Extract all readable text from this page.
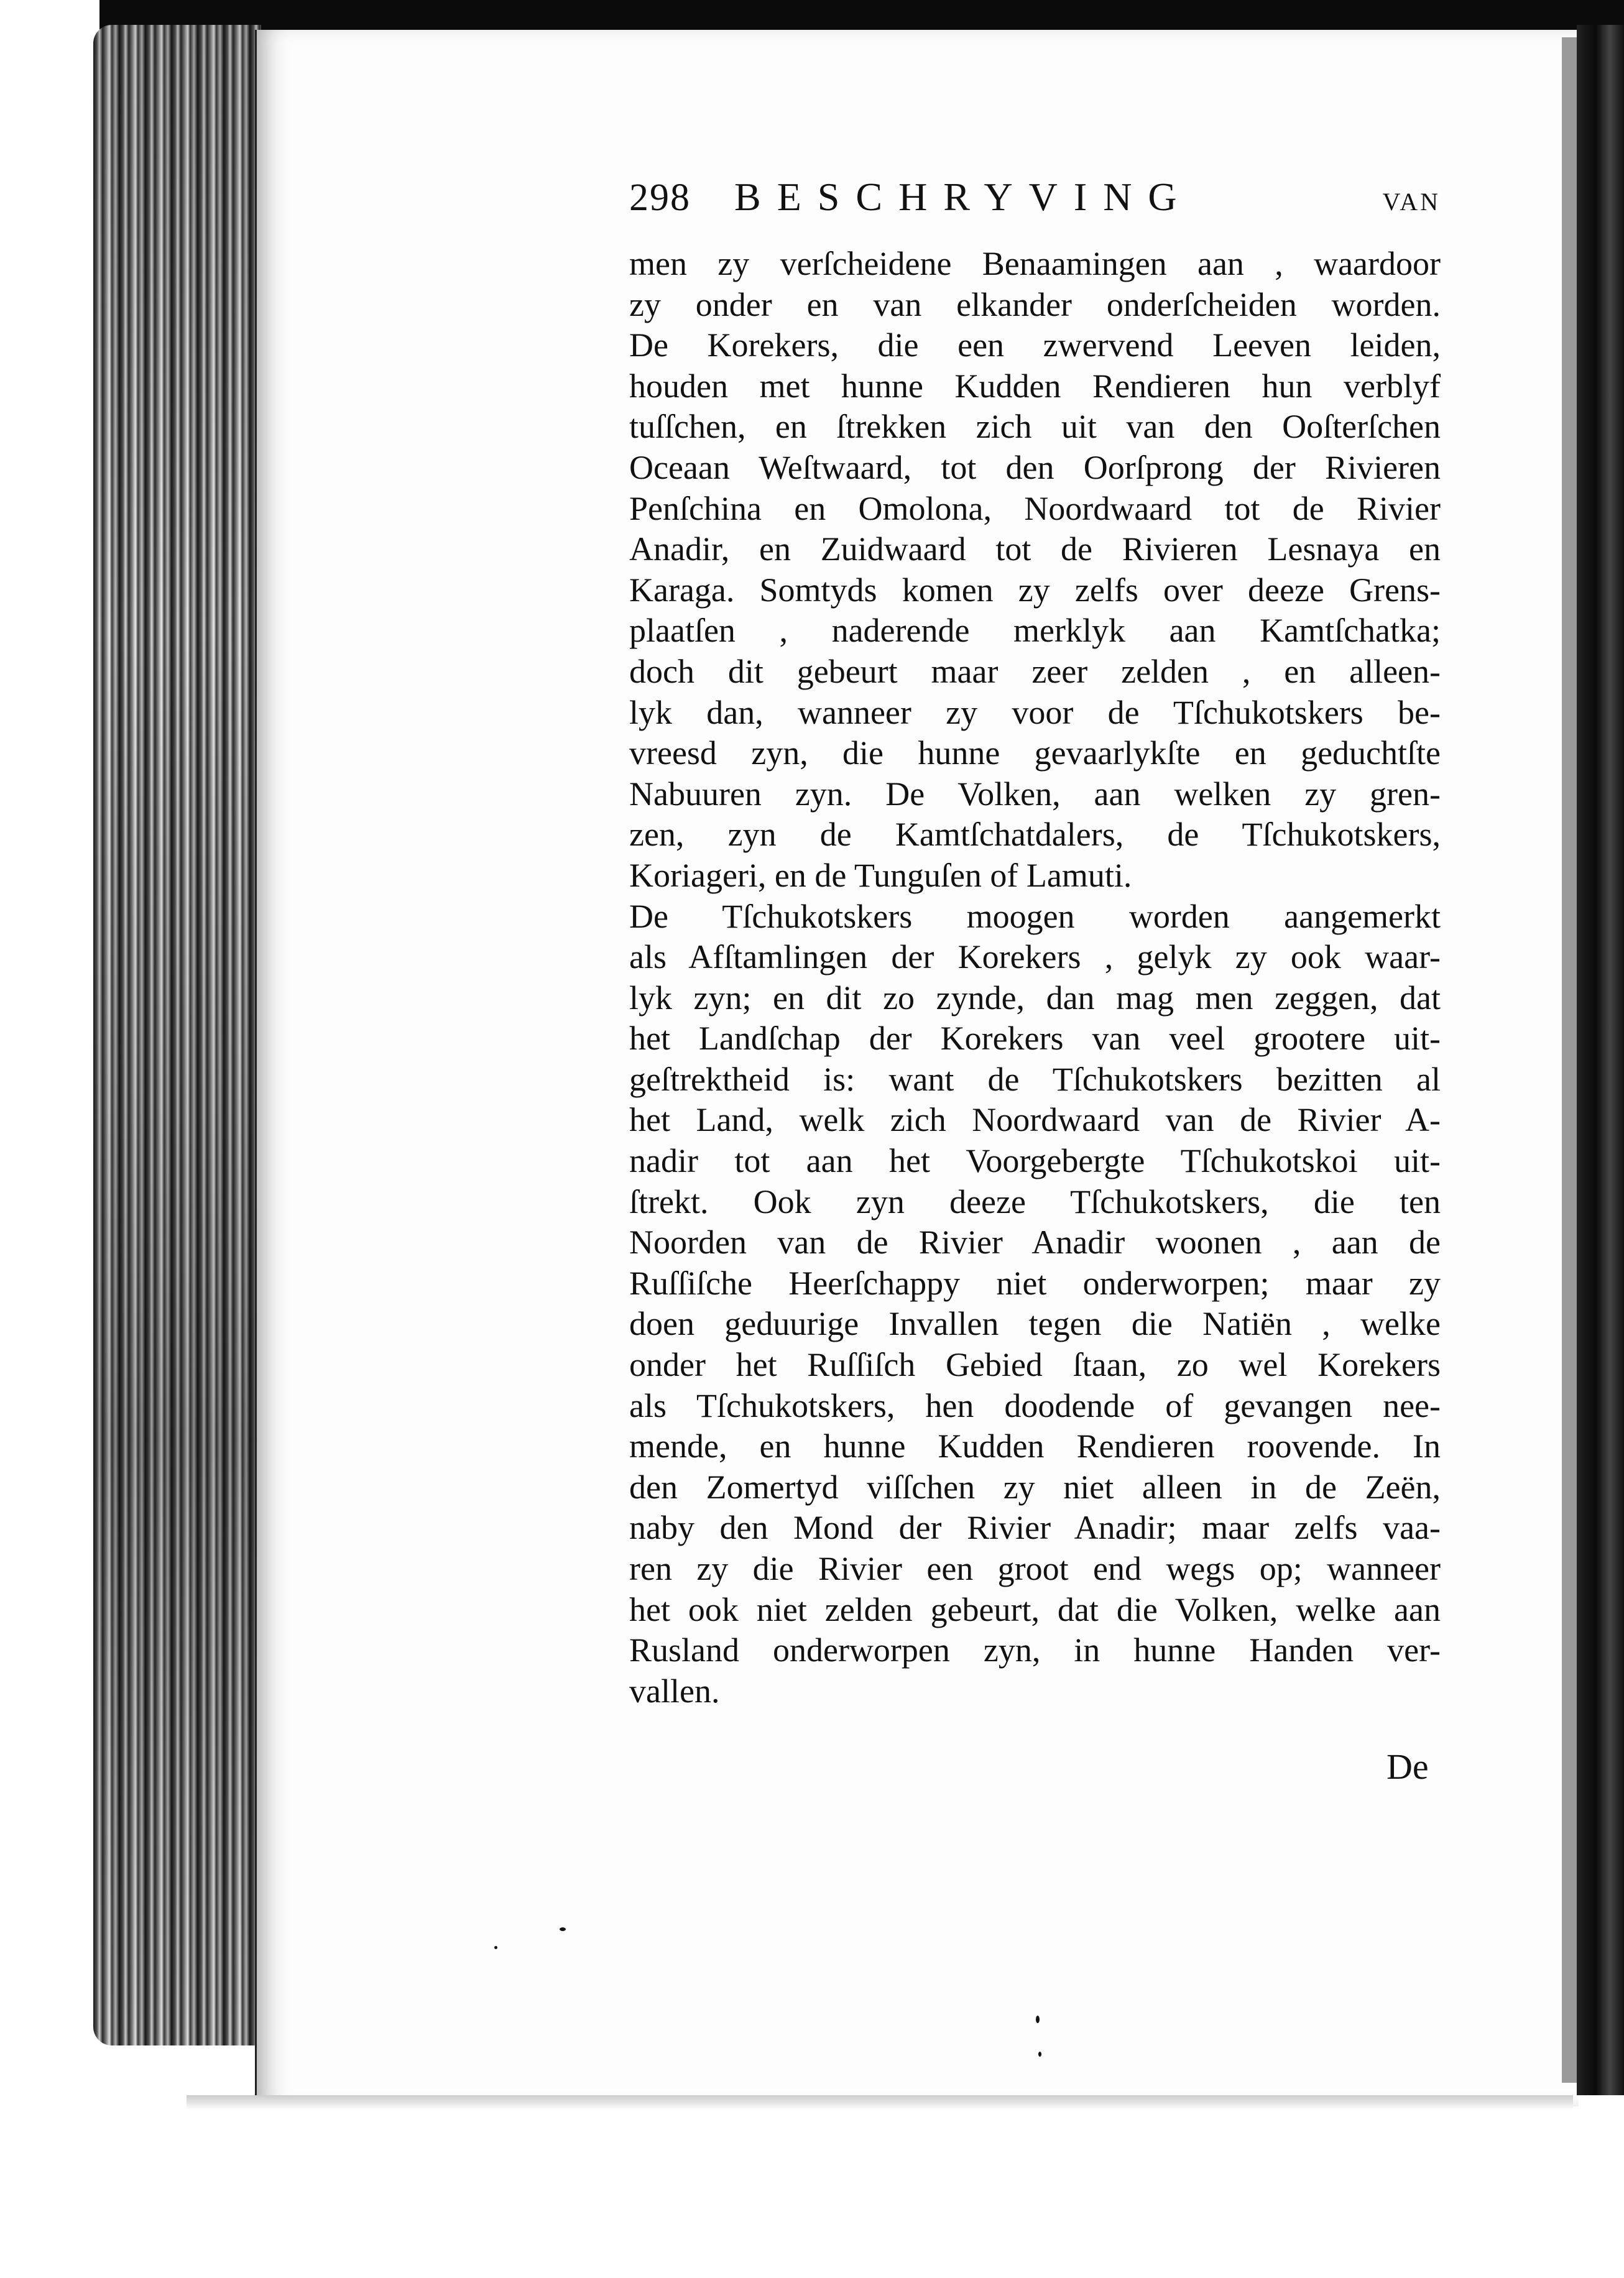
298 BESCHRYVING	VAN
men zy verſcheidene Benaamingen aan , waardoor
zy onder en van elkander onderſcheiden worden.
De Korekers, die een zwervend Leeven leiden,
houden met hunne Kudden Rendieren hun verblyf
tuſſchen, en ſtrekken zich uit van den Ooſterſchen
Oceaan Weſtwaard, tot den Oorſprong der Rivieren
Penſchina en Omolona, Noordwaard tot de Rivier
Anadir, en Zuidwaard tot de Rivieren Lesnaya en
Karaga. Somtyds komen zy zelfs over deeze Grens-
plaatſen , naderende merklyk aan Kamtſchatka;
doch dit gebeurt maar zeer zelden , en alleen-
lyk dan, wanneer zy voor de Tſchukotskers be-
vreesd zyn, die hunne gevaarlykſte en geduchtſte
Nabuuren zyn. De Volken, aan welken zy gren-
zen, zyn de Kamtſchatdalers, de Tſchukotskers,
Koriageri, en de Tunguſen of Lamuti.
De Tſchukotskers moogen worden aangemerkt
als Afſtamlingen der Korekers , gelyk zy ook waar-
lyk zyn; en dit zo zynde, dan mag men zeggen, dat
het Landſchap der Korekers van veel grootere uit-
geſtrektheid is: want de Tſchukotskers bezitten al
het Land, welk zich Noordwaard van de Rivier A-
nadir tot aan het Voorgebergte Tſchukotskoi uit-
ſtrekt. Ook zyn deeze Tſchukotskers, die ten
Noorden van de Rivier Anadir woonen , aan de
Ruſſiſche Heerſchappy niet onderworpen; maar zy
doen geduurige Invallen tegen die Natiën , welke
onder het Ruſſiſch Gebied ſtaan, zo wel Korekers
als Tſchukotskers, hen doodende of gevangen nee-
mende, en hunne Kudden Rendieren roovende. In
den Zomertyd viſſchen zy niet alleen in de Zeën,
naby den Mond der Rivier Anadir; maar zelfs vaa-
ren zy die Rivier een groot end wegs op; wanneer
het ook niet zelden gebeurt, dat die Volken, welke aan
Rusland onderworpen zyn, in hunne Handen ver-
vallen.
De
